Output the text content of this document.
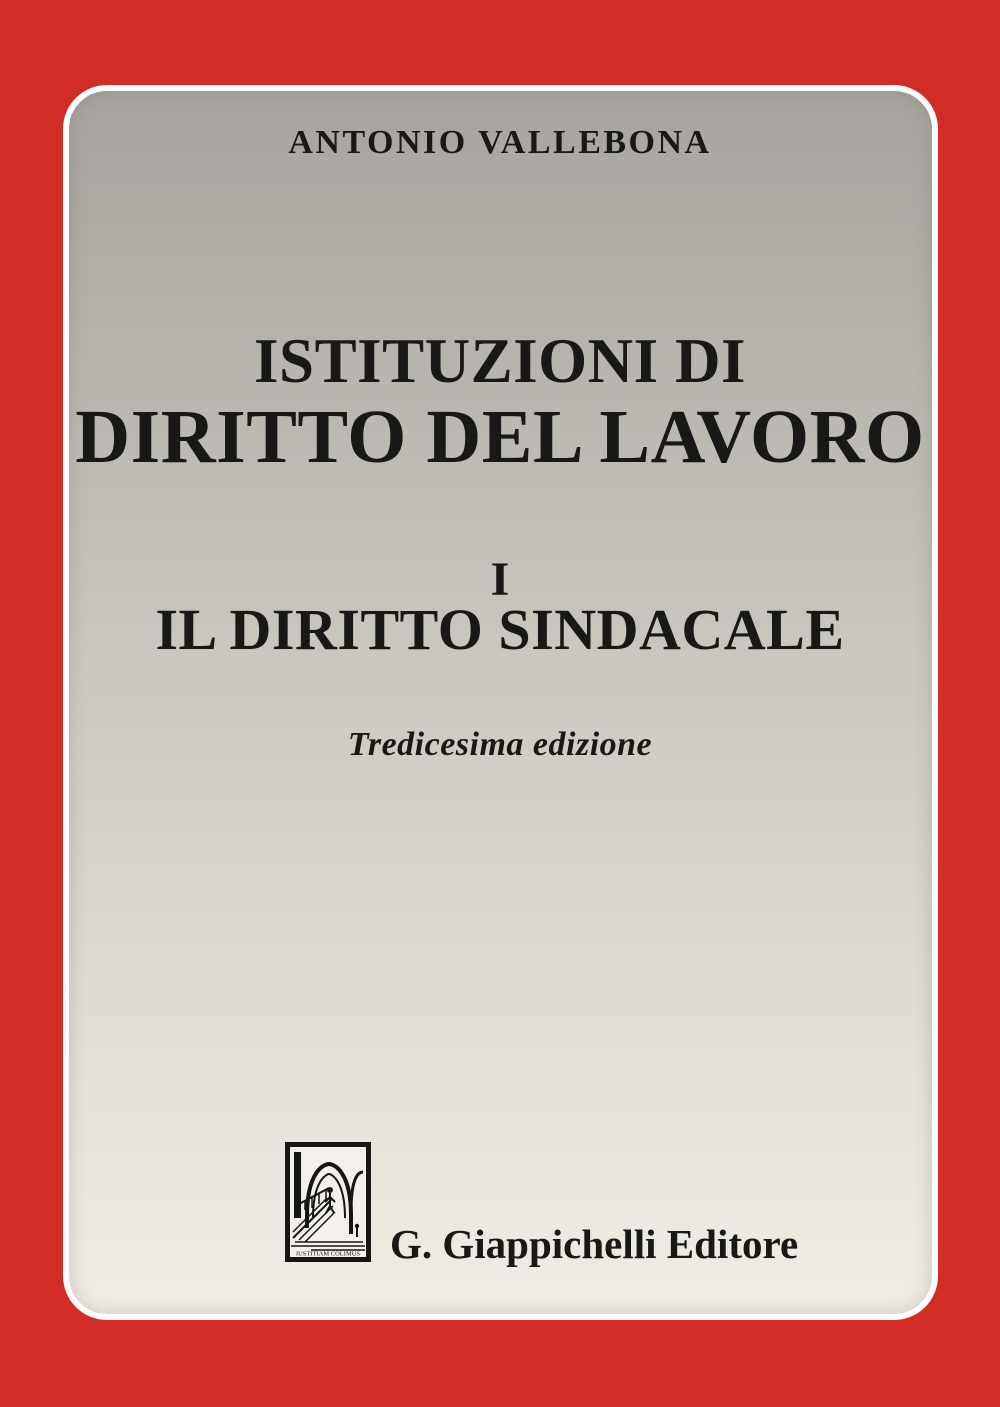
ANTONIO VALLEBONA
ISTITUZIONI DI
DIRITTO DEL LAVORO
I
IL DIRITTO SINDACALE
Tredicesima edizione
IUSTITIAM COLIMUS G. Giappichelli Editore
